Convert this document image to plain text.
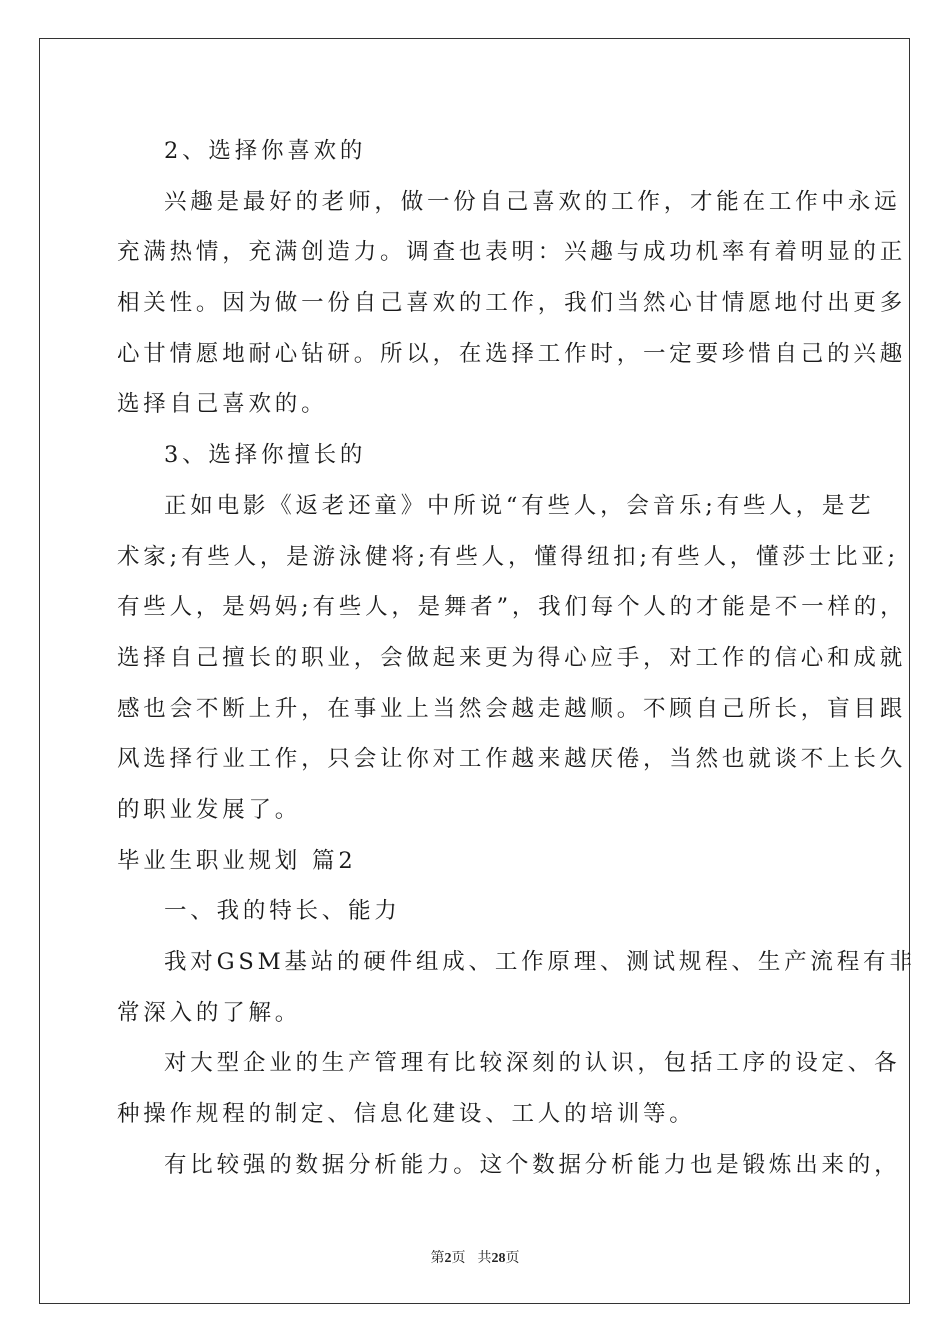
2、选择你喜欢的
兴趣是最好的老师，做一份自己喜欢的工作，才能在工作中永远
充满热情，充满创造力。调查也表明：兴趣与成功机率有着明显的正
相关性。因为做一份自己喜欢的工作，我们当然心甘情愿地付出更多
心甘情愿地耐心钻研。所以，在选择工作时，一定要珍惜自己的兴趣
选择自己喜欢的。
3、选择你擅长的
正如电影《返老还童》中所说“有些人，会音乐;有些人，是艺
术家;有些人，是游泳健将;有些人，懂得纽扣;有些人，懂莎士比亚;
有些人，是妈妈;有些人，是舞者”，我们每个人的才能是不一样的，
选择自己擅长的职业，会做起来更为得心应手，对工作的信心和成就
感也会不断上升，在事业上当然会越走越顺。不顾自己所长，盲目跟
风选择行业工作，只会让你对工作越来越厌倦，当然也就谈不上长久
的职业发展了。
毕业生职业规划 篇2
一、我的特长、能力
我对GSM基站的硬件组成、工作原理、测试规程、生产流程有非
常深入的了解。
对大型企业的生产管理有比较深刻的认识，包括工序的设定、各
种操作规程的制定、信息化建设、工人的培训等。
有比较强的数据分析能力。这个数据分析能力也是锻炼出来的，
第2页 共28页
